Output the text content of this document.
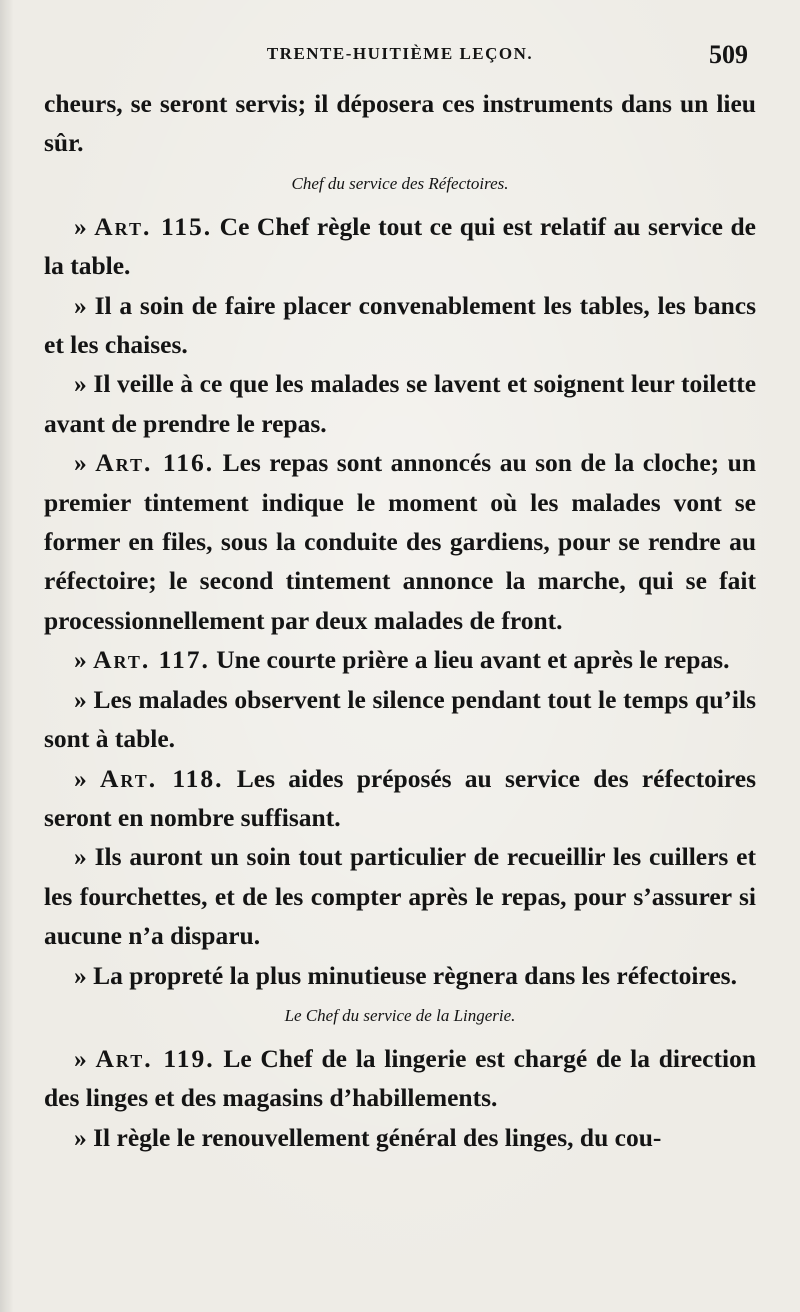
TRENTE-HUITIÈME LEÇON.	509

cheurs, se seront servis; il déposera ces instruments dans un lieu sûr.

Chef du service des Réfectoires.

» Art. 115. Ce Chef règle tout ce qui est relatif au service de la table.

» Il a soin de faire placer convenablement les tables, les bancs et les chaises.

» Il veille à ce que les malades se lavent et soignent leur toilette avant de prendre le repas.

» Art. 116. Les repas sont annoncés au son de la cloche; un premier tintement indique le moment où les malades vont se former en files, sous la conduite des gardiens, pour se rendre au réfectoire; le second tintement annonce la marche, qui se fait processionnellement par deux malades de front.

» Art. 117. Une courte prière a lieu avant et après le repas.

» Les malades observent le silence pendant tout le temps qu’ils sont à table.

» Art. 118. Les aides préposés au service des réfectoires seront en nombre suffisant.

» Ils auront un soin tout particulier de recueillir les cuillers et les fourchettes, et de les compter après le repas, pour s’assurer si aucune n’a disparu.

» La propreté la plus minutieuse règnera dans les réfectoires.

Le Chef du service de la Lingerie.

» Art. 119. Le Chef de la lingerie est chargé de la direction des linges et des magasins d’habillements.

» Il règle le renouvellement général des linges, du cou-
